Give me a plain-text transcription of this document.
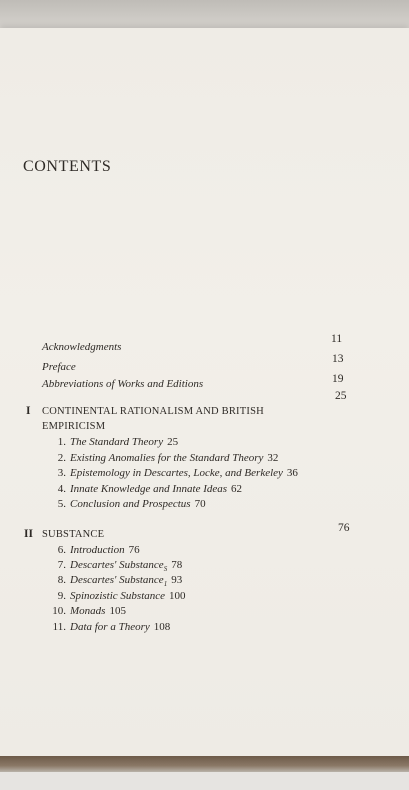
CONTENTS
Acknowledgments
11
Preface
13
Abbreviations of Works and Editions	19
I CONTINENTAL RATIONALISM AND BRITISH
EMPIRICISM
25
1. The Standard Theory 25
2. Existing Anomalies for the Standard Theory 32
3. Epistemology in Descartes, Locke, and Berkeley 36
4. Innate Knowledge and Innate Ideas 62
5. Conclusion and Prospectus 70
II SUBSTANCE
76
6. Introduction 76
7. Descartes' Substance$_S$ 78
8. Descartes' Substance$_1$ 93
9. Spinozistic Substance 100
10. Monads 105
11. Data for a Theory 108
